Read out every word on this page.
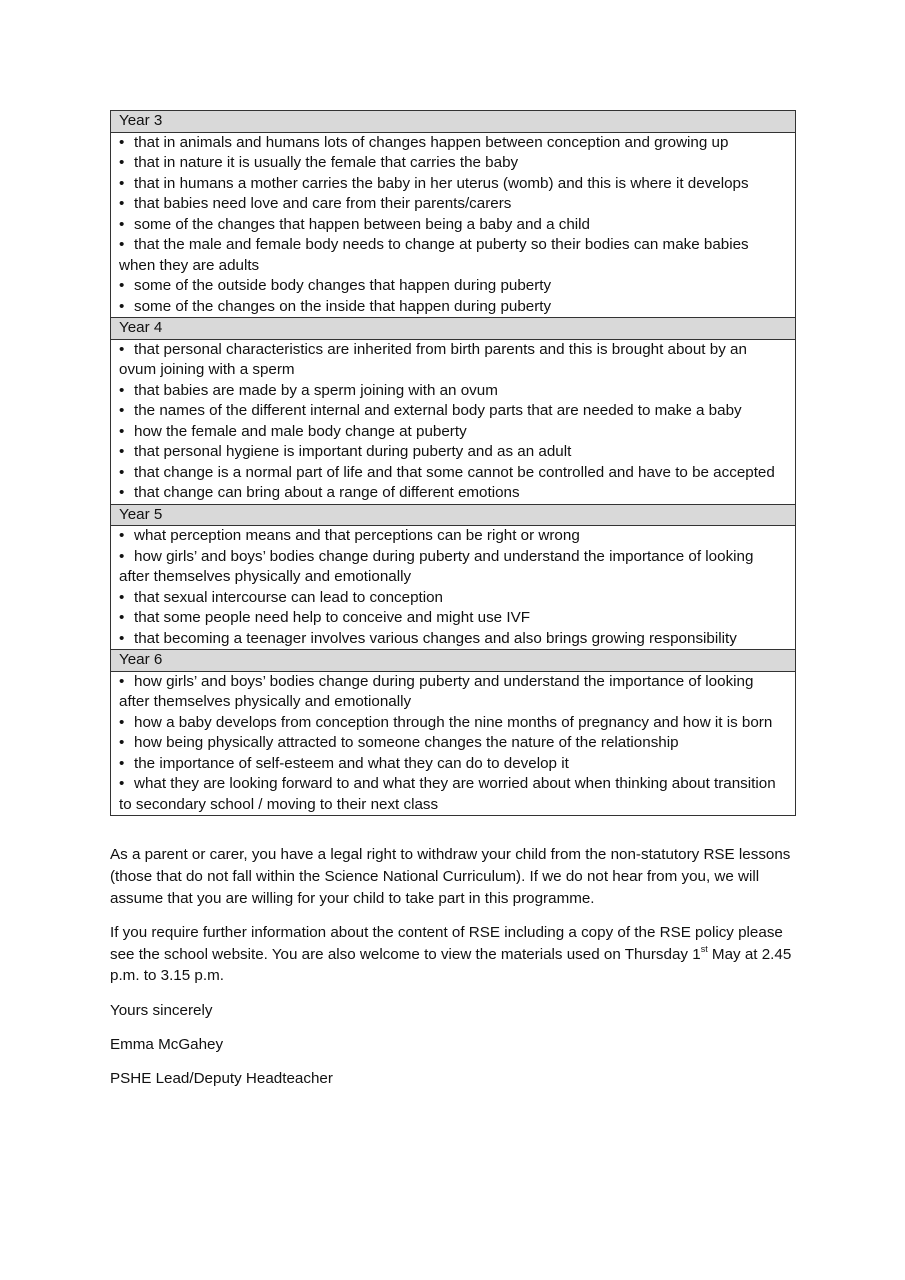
Year 3

• that in animals and humans lots of changes happen between conception and growing up
• that in nature it is usually the female that carries the baby
• that in humans a mother carries the baby in her uterus (womb) and this is where it develops
• that babies need love and care from their parents/carers
• some of the changes that happen between being a baby and a child
• that the male and female body needs to change at puberty so their bodies can make babies when they are adults
• some of the outside body changes that happen during puberty
• some of the changes on the inside that happen during puberty

Year 4

• that personal characteristics are inherited from birth parents and this is brought about by an ovum joining with a sperm
• that babies are made by a sperm joining with an ovum
• the names of the different internal and external body parts that are needed to make a baby
• how the female and male body change at puberty
• that personal hygiene is important during puberty and as an adult
• that change is a normal part of life and that some cannot be controlled and have to be accepted
• that change can bring about a range of different emotions

Year 5

• what perception means and that perceptions can be right or wrong
• how girls’ and boys’ bodies change during puberty and understand the importance of looking after themselves physically and emotionally
• that sexual intercourse can lead to conception
• that some people need help to conceive and might use IVF
• that becoming a teenager involves various changes and also brings growing responsibility

Year 6

• how girls’ and boys’ bodies change during puberty and understand the importance of looking after themselves physically and emotionally
• how a baby develops from conception through the nine months of pregnancy and how it is born
• how being physically attracted to someone changes the nature of the relationship
• the importance of self-esteem and what they can do to develop it
• what they are looking forward to and what they are worried about when thinking about transition to secondary school / moving to their next class

As a parent or carer, you have a legal right to withdraw your child from the non-statutory RSE lessons (those that do not fall within the Science National Curriculum). If we do not hear from you, we will assume that you are willing for your child to take part in this programme.

If you require further information about the content of RSE including a copy of the RSE policy please see the school website. You are also welcome to view the materials used on Thursday 1st May at 2.45 p.m. to 3.15 p.m.

Yours sincerely

Emma McGahey

PSHE Lead/Deputy Headteacher
